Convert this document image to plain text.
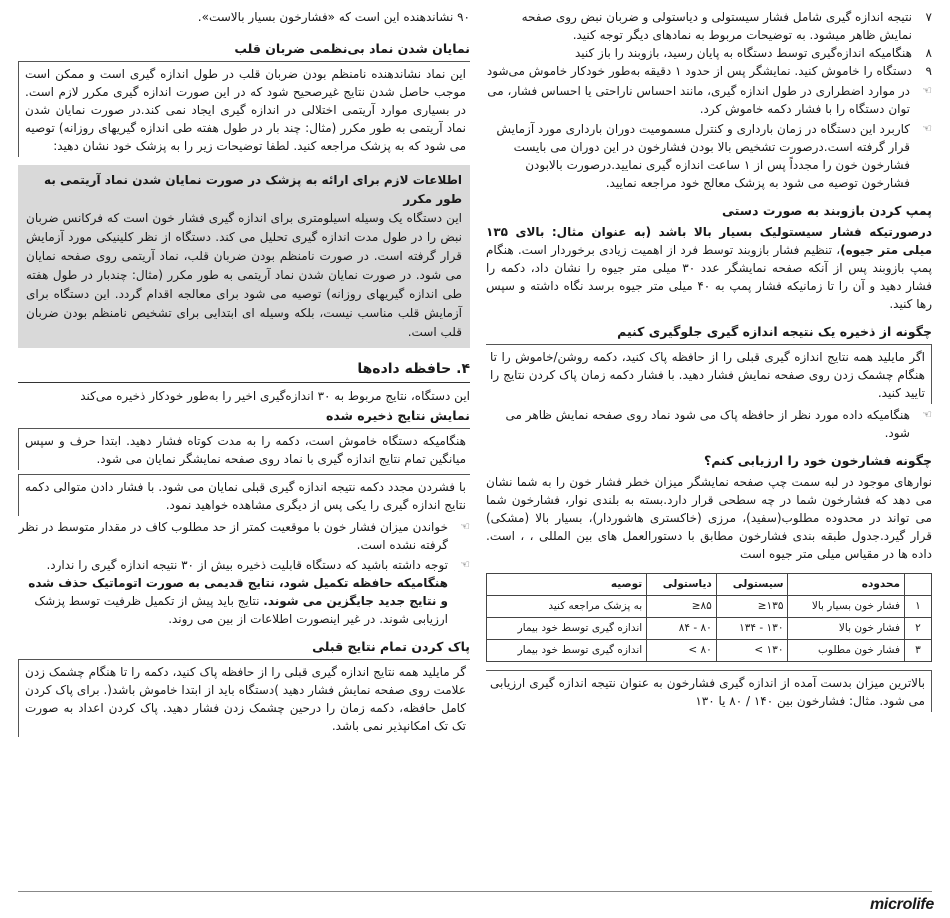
۷
نتیجه اندازه گیری شامل فشار سیستولی و دیاستولی و ضربان نبض روی صفحه نمایش ظاهر میشود. به توضیحات مربوط به نمادهای دیگر توجه کنید.
۸
هنگامیکه اندازه‌گیری توسط دستگاه به پایان رسید، بازوبند را باز کنید
۹
دستگاه را خاموش کنید. نمایشگر پس از حدود ۱ دقیقه به‌طور خودکار خاموش می‌شود
☜
در موارد اضطراری در طول اندازه گیری، مانند احساس ناراحتی یا احساس فشار، می توان دستگاه را با فشار دکمه خاموش کرد.
☜
کاربرد این دستگاه در زمان بارداری و کنترل مسمومیت دوران بارداری مورد آزمایش قرار گرفته است.درصورت تشخیص بالا بودن فشارخون در این دوران می بایست فشارخون خون را مجدداً پس از ۱ ساعت اندازه گیری نمایید.درصورت بالابودن فشارخون توصیه می شود به پزشک معالج خود مراجعه نمایید.
پمپ کردن بازوبند به صورت دستی

درصورتیکه فشار سیستولیک بسیار بالا باشد (به عنوان مثال: بالای ۱۳۵ میلی متر جیوه)، تنظیم فشار بازوبند توسط فرد از اهمیت زیادی برخوردار است. هنگام پمپ بازوبند پس از آنکه صفحه نمایشگر عدد ۳۰ میلی متر جیوه را نشان داد، دکمه را فشار دهید و آن را تا زمانیکه فشار پمپ به ۴۰ میلی متر جیوه برسد نگاه داشته و سپس رها کنید.

چگونه از ذخیره یک نتیجه اندازه گیری جلوگیری کنیم

اگر مایلید همه نتایج اندازه گیری قبلی را از حافظه پاک کنید، دکمه روشن/خاموش را تا هنگام چشمک زدن روی صفحه نمایش فشار دهید. با فشار دکمه زمان پاک کردن نتایج را تایید کنید.

☜
هنگامیکه داده مورد نظر از حافظه پاک می شود نماد روی صفحه نمایش ظاهر می شود.
چگونه فشارخون خود را ارزیابی کنم؟

نوارهای موجود در لبه سمت چپ صفحه نمایشگر میزان خطر فشار خون را به شما نشان می دهد که فشارخون شما در چه سطحی قرار دارد.بسته به بلندی نوار، فشارخون شما می تواند در محدوده مطلوب(سفید)، مرزی (خاکستری هاشوردار)، بسیار بالا (مشکی) قرار گیرد.جدول طبقه بندی فشارخون مطابق با دستورالعمل های بین المللی ، ، است. داده ها در مقیاس میلی متر جیوه است

	محدوده	سیستولی	دیاستولی	توصیه
۱	فشار خون بسیار بالا	۱۳۵≤	۸۵≤	به پزشک مراجعه کنید
۲	فشار خون بالا	۱۳۰ - ۱۳۴	۸۰ - ۸۴	اندازه گیری توسط خود بیمار
۳	فشار خون مطلوب	۱۳۰ >	۸۰ >	اندازه گیری توسط خود بیمار

بالاترین میزان بدست آمده از اندازه گیری فشارخون به عنوان نتیجه اندازه گیری ارزیابی می شود. مثال: فشارخون بین ۱۴۰ / ۸۰ یا ۱۳۰

۹۰ نشاندهنده این است که «فشارخون بسیار بالاست».

نمایان شدن نماد بی‌نظمی ضربان قلب

این نماد نشاندهنده نامنظم بودن ضربان قلب در طول اندازه گیری است و ممکن است موجب حاصل شدن نتایج غیرصحیح شود که در این صورت اندازه گیری مکرر لازم است. در بسیاری موارد آریتمی اختلالی در اندازه گیری ایجاد نمی کند.در صورت نمایان شدن نماد آریتمی به طور مکرر (مثال: چند بار در طول هفته طی اندازه گیریهای روزانه) توصیه می شود که به پزشک مراجعه کنید. لطفا توضیحات زیر را به پزشک خود نشان دهید:

اطلاعات لازم برای ارائه به پزشک در صورت نمایان شدن نماد آریتمی به طور مکرر

این دستگاه یک وسیله اسیلومتری برای اندازه گیری فشار خون است که فرکانس ضربان نبض را در طول مدت اندازه گیری تحلیل می کند. دستگاه از نظر کلینیکی مورد آزمایش قرار گرفته است. در صورت نامنظم بودن ضربان قلب، نماد آریتمی روی صفحه نمایان می شود. در صورت نمایان شدن نماد آریتمی به طور مکرر (مثال: چندبار در طول هفته طی اندازه گیریهای روزانه) توصیه می شود برای معالجه اقدام گردد. این دستگاه برای آزمایش قلب مناسب نیست، بلکه وسیله ای ابتدایی برای تشخیص نامنظم بودن ضربان قلب است.

۴. حافظه داده‌ها

این دستگاه، نتایج مربوط به ۳۰ اندازه‌گیری اخیر را به‌طور خودکار ذخیره می‌کند

نمایش نتایج ذخیره شده

هنگامیکه دستگاه خاموش است، دکمه را به مدت کوتاه فشار دهید. ابتدا حرف و سپس میانگین تمام نتایج اندازه گیری با نماد روی صفحه نمایشگر نمایان می شود.

با فشردن مجدد دکمه نتیجه اندازه گیری قبلی نمایان می شود. با فشار دادن متوالی دکمه نتایج اندازه گیری را یکی پس از دیگری مشاهده خواهید نمود.

☜
خواندن میزان فشار خون با موقعیت کمتر از حد مطلوب کاف در مقدار متوسط در نظر گرفته نشده است.
☜
توجه داشته باشید که دستگاه قابلیت ذخیره بیش از ۳۰ نتیجه اندازه گیری را ندارد. هنگامیکه حافظه تکمیل شود، نتایج قدیمی به صورت اتوماتیک حذف شده و نتایج جدید جایگزین می شوند. نتایج باید پیش از تکمیل ظرفیت توسط پزشک ارزیابی شوند. در غیر اینصورت اطلاعات از بین می روند.
پاک کردن تمام نتایج قبلی

گر مایلید همه نتایج اندازه گیری قبلی را از حافظه پاک کنید، دکمه را تا هنگام چشمک زدن علامت روی صفحه نمایش فشار دهید )دستگاه باید از ابتدا خاموش باشد(. برای پاک کردن کامل حافظه، دکمه زمان را درحین چشمک زدن فشار دهید. پاک کردن اعداد به صورت تک تک امکانپذیر نمی باشد.

microlife
